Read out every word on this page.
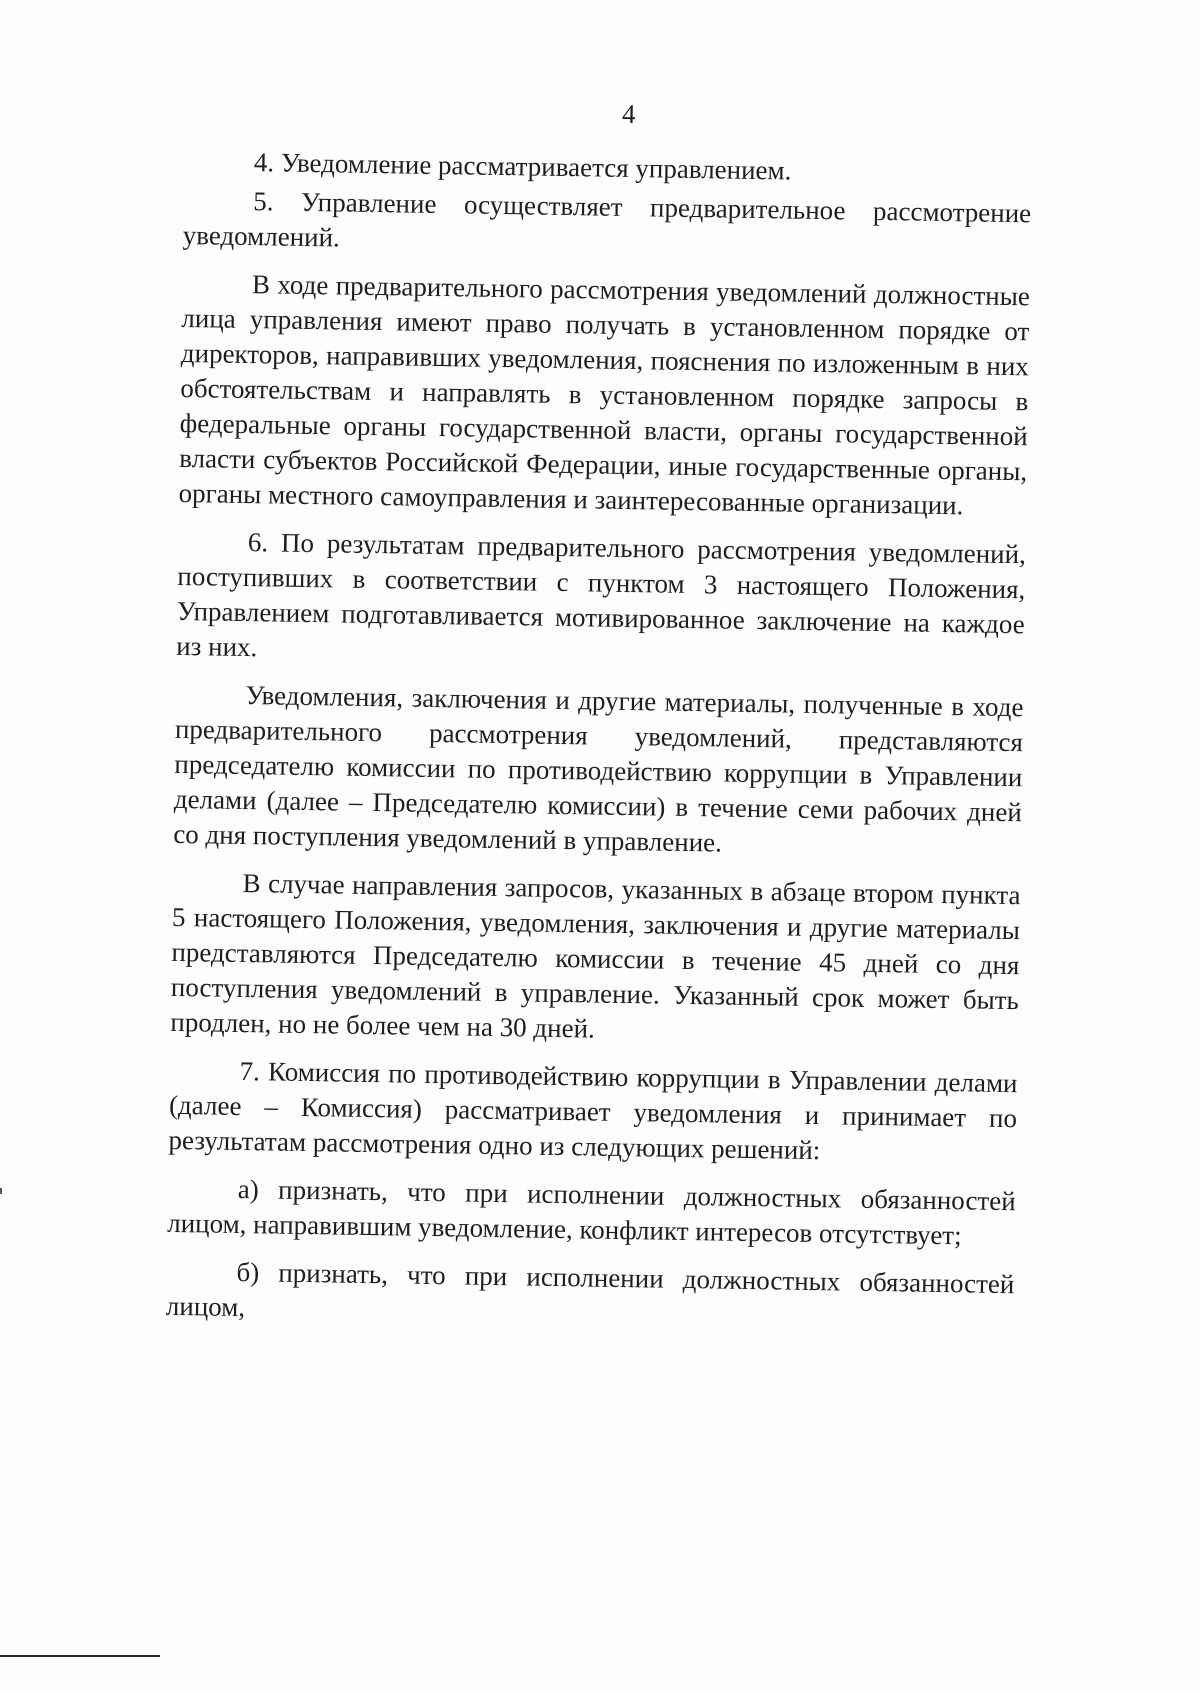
4

4. Уведомление рассматривается управлением.

5. Управление осуществляет предварительное рассмотрение уведомлений.

В ходе предварительного рассмотрения уведомлений должностные лица управления имеют право получать в установленном порядке от директоров, направивших уведомления, пояснения по изложенным в них обстоятельствам и направлять в установленном порядке запросы в федеральные органы государственной власти, органы государственной власти субъектов Российской Федерации, иные государственные органы, органы местного самоуправления и заинтересованные организации.

6. По результатам предварительного рассмотрения уведомлений, поступивших в соответствии с пунктом 3 настоящего Положения, Управлением подготавливается мотивированное заключение на каждое из них.

Уведомления, заключения и другие материалы, полученные в ходе предварительного рассмотрения уведомлений, представляются председателю комиссии по противодействию коррупции в Управлении делами (далее – Председателю комиссии) в течение семи рабочих дней со дня поступления уведомлений в управление.

В случае направления запросов, указанных в абзаце втором пункта 5 настоящего Положения, уведомления, заключения и другие материалы представляются Председателю комиссии в течение 45 дней со дня поступления уведомлений в управление. Указанный срок может быть продлен, но не более чем на 30 дней.

7. Комиссия по противодействию коррупции в Управлении делами (далее – Комиссия) рассматривает уведомления и принимает по результатам рассмотрения одно из следующих решений:

а) признать, что при исполнении должностных обязанностей лицом, направившим уведомление, конфликт интересов отсутствует;

б) признать, что при исполнении должностных обязанностей лицом,
